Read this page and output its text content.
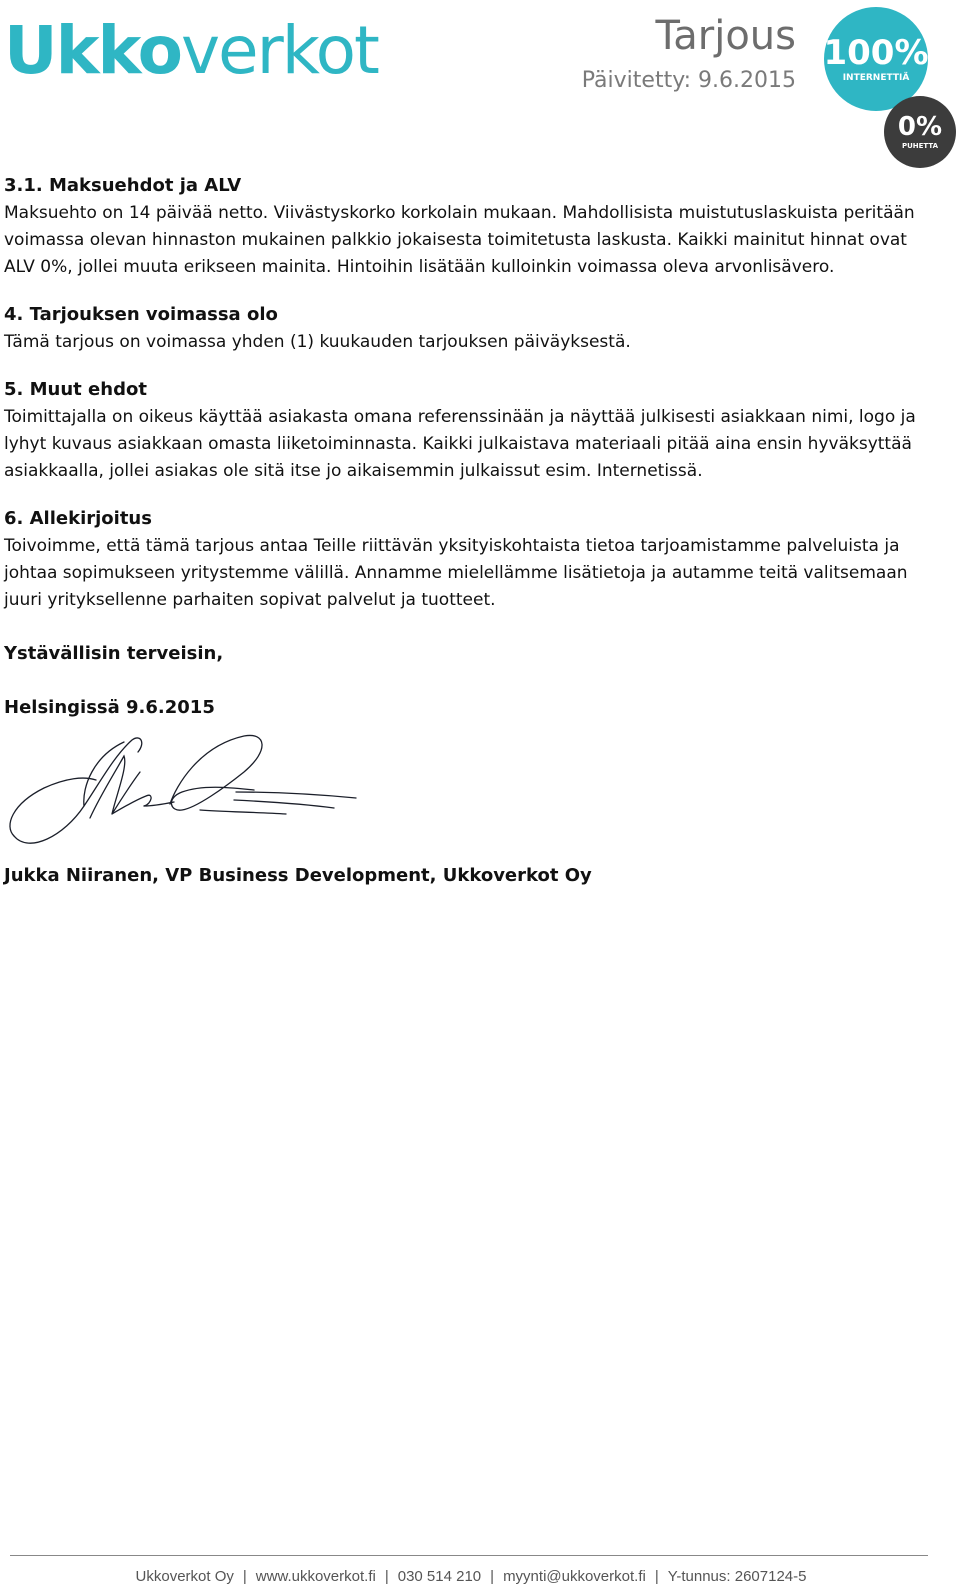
Ukkoverkot	Tarjous
Päivitetty: 9.6.2015
100%
INTERNETTIÄ
0%
PUHETTA

3.1. Maksuehdot ja ALV

Maksuehto on 14 päivää netto. Viivästyskorko korkolain mukaan. Mahdollisista muistutuslaskuista peritään voimassa olevan hinnaston mukainen palkkio jokaisesta toimitetusta laskusta. Kaikki mainitut hinnat ovat ALV 0%, jollei muuta erikseen mainita. Hintoihin lisätään kulloinkin voimassa oleva arvonlisävero.

4. Tarjouksen voimassa olo

Tämä tarjous on voimassa yhden (1) kuukauden tarjouksen päiväyksestä.

5. Muut ehdot

Toimittajalla on oikeus käyttää asiakasta omana referenssinään ja näyttää julkisesti asiakkaan nimi, logo ja lyhyt kuvaus asiakkaan omasta liiketoiminnasta. Kaikki julkaistava materiaali pitää aina ensin hyväksyttää asiakkaalla, jollei asiakas ole sitä itse jo aikaisemmin julkaissut esim. Internetissä.

6. Allekirjoitus

Toivoimme, että tämä tarjous antaa Teille riittävän yksityiskohtaista tietoa tarjoamistamme palveluista ja johtaa sopimukseen yritystemme välillä. Annamme mielellämme lisätietoja ja autamme teitä valitsemaan juuri yrityksellenne parhaiten sopivat palvelut ja tuotteet.

Ystävällisin terveisin,

Helsingissä 9.6.2015

Jukka Niiranen, VP Business Development, Ukkoverkot Oy

Ukkoverkot Oy | www.ukkoverkot.fi | 030 514 210 | myynti@ukkoverkot.fi | Y-tunnus: 2607124-5
